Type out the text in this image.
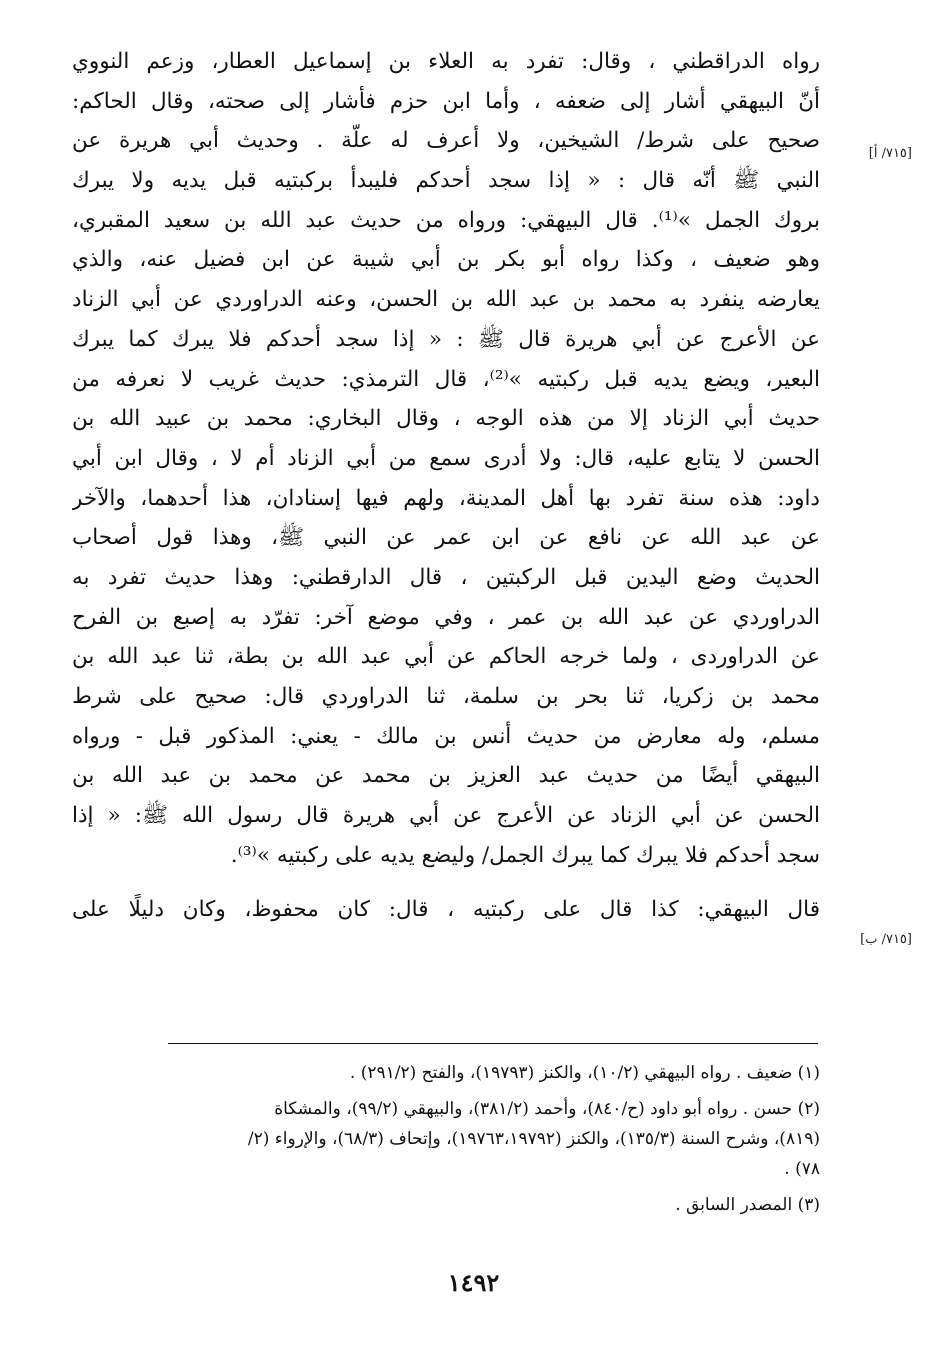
رواه الدراقطني ، وقال: تفرد به العلاء بن إسماعيل العطار، وزعم النووي
أنّ البيهقي أشار إلى ضعفه ، وأما ابن حزم فأشار إلى صحته، وقال الحاكم:
صحيح على شرط/ الشيخين، ولا أعرف له علّة . وحديث أبي هريرة عن
النبي ﷺ أنّه قال : « إذا سجد أحدكم فليبدأ بركبتيه قبل يديه ولا يبرك
بروك الجمل »⁽¹⁾. قال البيهقي: ورواه من حديث عبد الله بن سعيد المقبري،
وهو ضعيف ، وكذا رواه أبو بكر بن أبي شيبة عن ابن فضيل عنه، والذي
يعارضه ينفرد به محمد بن عبد الله بن الحسن، وعنه الدراوردي عن أبي الزناد
عن الأعرج عن أبي هريرة قال ﷺ : « إذا سجد أحدكم فلا يبرك كما يبرك
البعير، ويضع يديه قبل ركبتيه »⁽²⁾، قال الترمذي: حديث غريب لا نعرفه من
حديث أبي الزناد إلا من هذه الوجه ، وقال البخاري: محمد بن عبيد الله بن
الحسن لا يتابع عليه، قال: ولا أدرى سمع من أبي الزناد أم لا ، وقال ابن أبي
داود: هذه سنة تفرد بها أهل المدينة، ولهم فيها إسنادان، هذا أحدهما، والآخر
عن عبد الله عن نافع عن ابن عمر عن النبي ﷺ، وهذا قول أصحاب
الحديث وضع اليدين قبل الركبتين ، قال الدارقطني: وهذا حديث تفرد به
الدراوردي عن عبد الله بن عمر ، وفي موضع آخر: تفرّد به إصبع بن الفرح
عن الدراوردى ، ولما خرجه الحاكم عن أبي عبد الله بن بطة، ثنا عبد الله بن
محمد بن زكريا، ثنا بحر بن سلمة، ثنا الدراوردي قال: صحيح على شرط
مسلم، وله معارض من حديث أنس بن مالك - يعني: المذكور قبل - ورواه
البيهقي أيضًا من حديث عبد العزيز بن محمد عن محمد بن عبد الله بن
الحسن عن أبي الزناد عن الأعرج عن أبي هريرة قال رسول الله ﷺ: « إذا
سجد أحدكم فلا يبرك كما يبرك الجمل/ وليضع يديه على ركبتيه »⁽³⁾.
قال البيهقي: كذا قال على ركبتيه ، قال: كان محفوظ، وكان دليلًا على
[٧١٥/ أ]
[٧١٥/ ب]
(١) ضعيف . رواه البيهقي (١٠/٢)، والكنز (١٩٧٩٣)، والفتح (٢٩١/٢) .
(٢) حسن . رواه أبو داود (ح/٨٤٠)، وأحمد (٣٨١/٢)، والبيهقي (٩٩/٢)، والمشكاة
(٨١٩)، وشرح السنة (١٣٥/٣)، والكنز (١٩٧٦٣،١٩٧٩٢)، وإتحاف (٦٨/٣)، والإرواء (٢/
٧٨) .
(٣) المصدر السابق .
١٤٩٢
